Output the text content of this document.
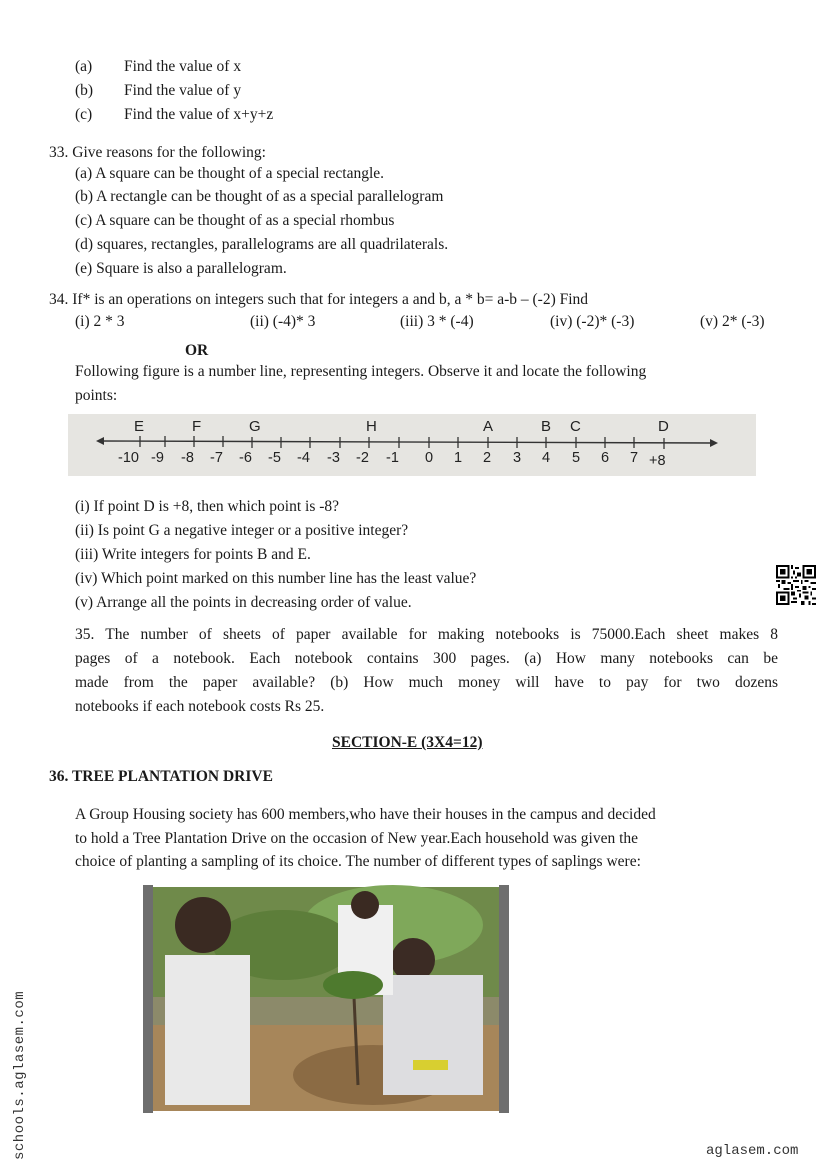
(a) Find the value of x
(b) Find the value of y
(c) Find the value of x+y+z
33. Give reasons for the following:
(a) A square can be thought of a special rectangle.
(b) A rectangle can be thought of as a special parallelogram
(c) A square can be thought of as a special rhombus
(d) squares, rectangles, parallelograms are all quadrilaterals.
(e) Square is also a parallelogram.
34. If* is an operations on integers such that for integers a and b, a * b= a-b – (-2) Find
(i) 2 * 3	(ii) (-4)* 3	(iii) 3 * (-4)	(iv) (-2)* (-3)	(v) 2* (-3)
OR
Following figure is a number line, representing integers. Observe it and locate the following
points:
E	F	G	H	A	B C	D
-10 -9 -8 -7 -6 -5 -4 -3 -2 -1 0 1 2 3 4 5 6 7 +8
(i) If point D is +8, then which point is -8?
(ii) Is point G a negative integer or a positive integer?
(iii) Write integers for points B and E.
(iv) Which point marked on this number line has the least value?
(v) Arrange all the points in decreasing order of value.
35. The number of sheets of paper available for making notebooks is 75000.Each sheet makes 8
pages of a notebook. Each notebook contains 300 pages. (a) How many notebooks can be
made from the paper available? (b) How much money will have to pay for two dozens
notebooks if each notebook costs Rs 25.
SECTION-E (3X4=12)
36. TREE PLANTATION DRIVE
A Group Housing society has 600 members,who have their houses in the campus and decided
to hold a Tree Plantation Drive on the occasion of New year.Each household was given the
choice of planting a sampling of its choice. The number of different types of saplings were:
schools.aglasem.com	aglasem.com
